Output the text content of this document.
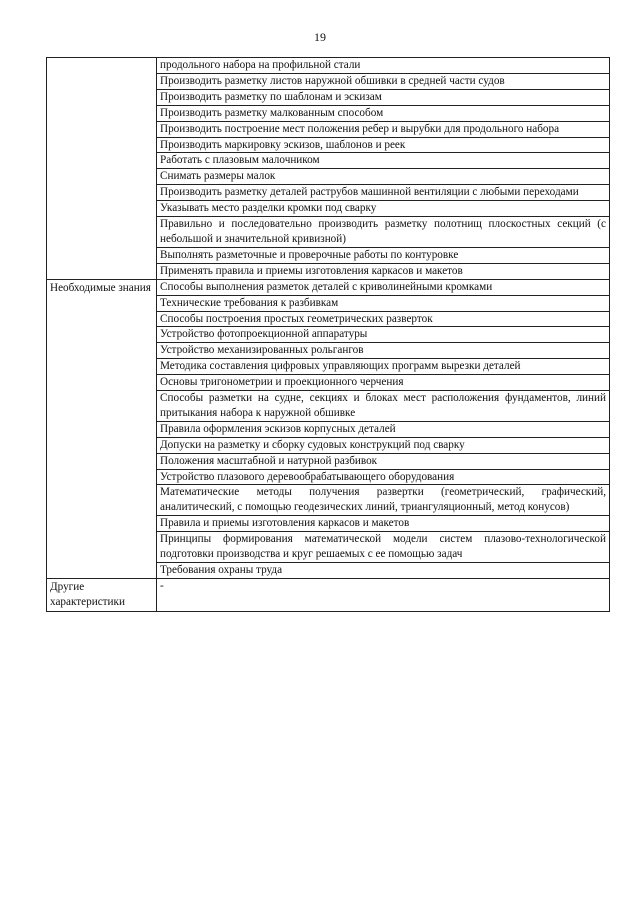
19
	продольного набора на профильной стали
	Производить разметку листов наружной обшивки в средней части судов
	Производить разметку по шаблонам и эскизам
	Производить разметку малкованным способом
	Производить построение мест положения ребер и вырубки для продольного набора
	Производить маркировку эскизов, шаблонов и реек
	Работать с плазовым малочником
	Снимать размеры малок
	Производить разметку деталей раструбов машинной вентиляции с любыми переходами
	Указывать место разделки кромки под сварку
	Правильно и последовательно производить разметку полотнищ плоскостных секций (с небольшой и значительной кривизной)
	Выполнять разметочные и проверочные работы по контуровке
	Применять правила и приемы изготовления каркасов и макетов
Необходимые знания	Способы выполнения разметок деталей с криволинейными кромками
	Технические требования к разбивкам
	Способы построения простых геометрических разверток
	Устройство фотопроекционной аппаратуры
	Устройство механизированных рольгангов
	Методика составления цифровых управляющих программ вырезки деталей
	Основы тригонометрии и проекционного черчения
	Способы разметки на судне, секциях и блоках мест расположения фундаментов, линий притыкания набора к наружной обшивке
	Правила оформления эскизов корпусных деталей
	Допуски на разметку и сборку судовых конструкций под сварку
	Положения масштабной и натурной разбивок
	Устройство плазового деревообрабатывающего оборудования
	Математические методы получения развертки (геометрический, графический, аналитический, с помощью геодезических линий, триангуляционный, метод конусов)
	Правила и приемы изготовления каркасов и макетов
	Принципы формирования математической модели систем плазово-технологической подготовки производства и круг решаемых с ее помощью задач
	Требования охраны труда
Другие характеристики	-
